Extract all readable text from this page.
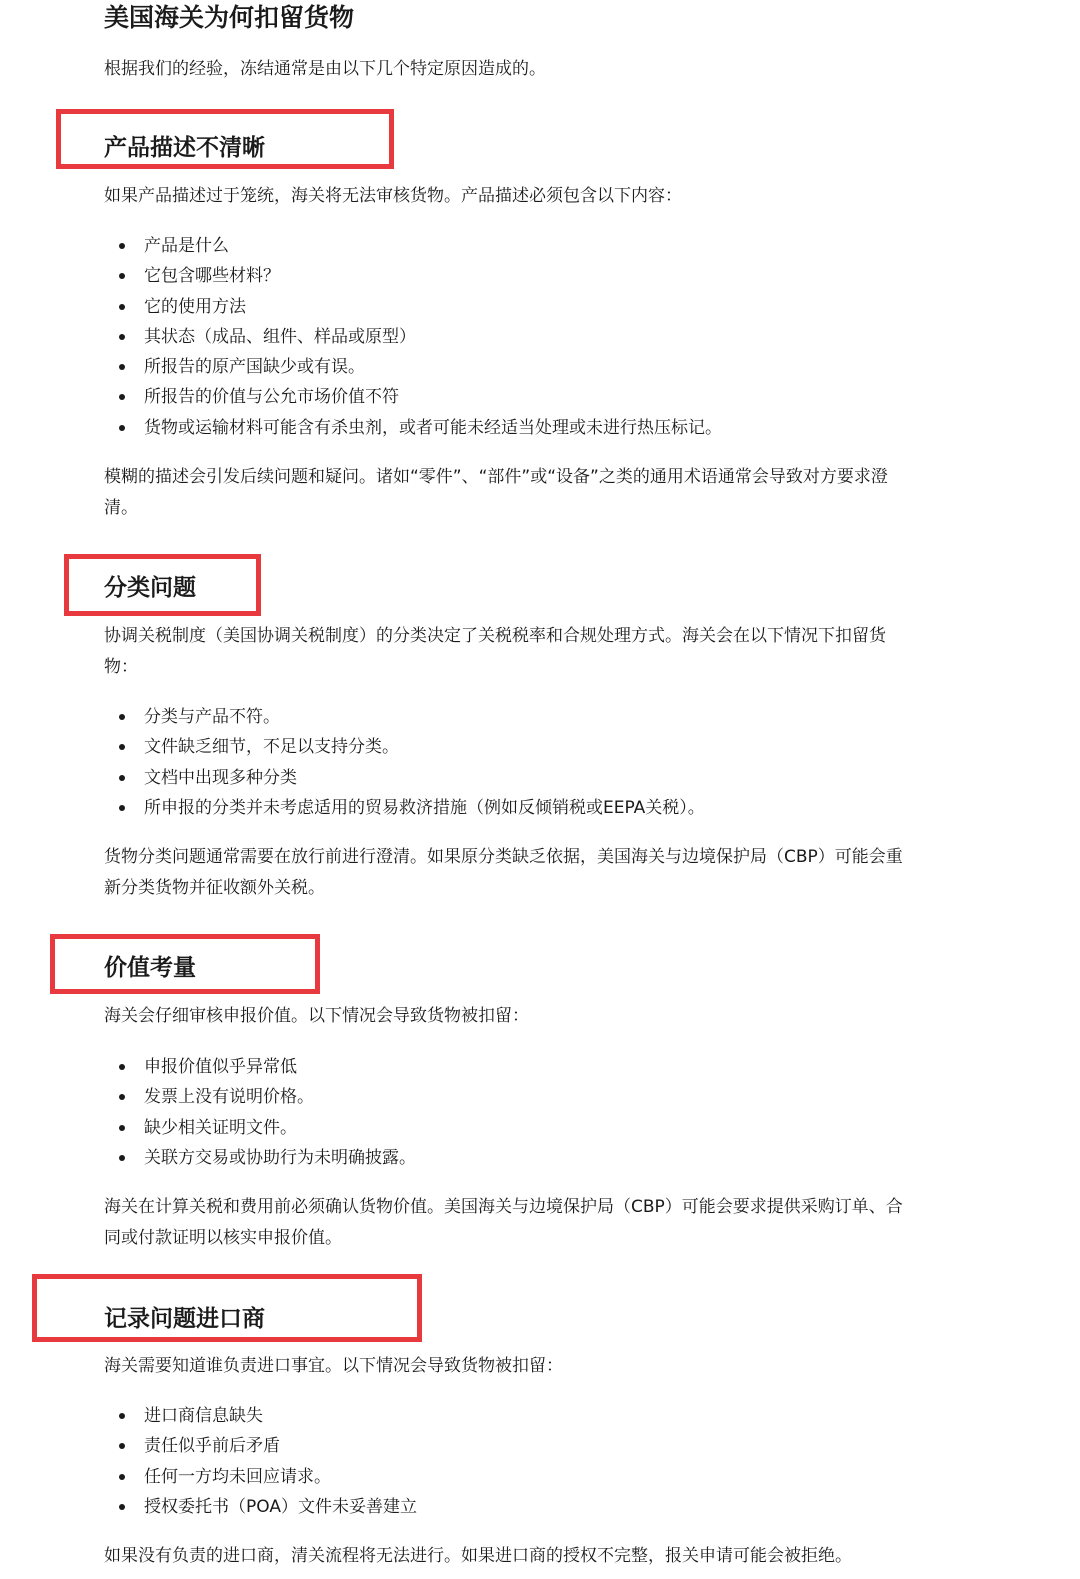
美国海关为何扣留货物
根据我们的经验，冻结通常是由以下几个特定原因造成的。
产品描述不清晰
如果产品描述过于笼统，海关将无法审核货物。产品描述必须包含以下内容：
产品是什么
它包含哪些材料？
它的使用方法
其状态（成品、组件、样品或原型）
所报告的原产国缺少或有误。
所报告的价值与公允市场价值不符
货物或运输材料可能含有杀虫剂，或者可能未经适当处理或未进行热压标记。
模糊的描述会引发后续问题和疑问。诸如“零件”、“部件”或“设备”之类的通用术语通常会导致对方要求澄清。
分类问题
协调关税制度（美国协调关税制度）的分类决定了关税税率和合规处理方式。海关会在以下情况下扣留货物：
分类与产品不符。
文件缺乏细节，不足以支持分类。
文档中出现多种分类
所申报的分类并未考虑适用的贸易救济措施（例如反倾销税或EEPA关税）。
货物分类问题通常需要在放行前进行澄清。如果原分类缺乏依据，美国海关与边境保护局（CBP）可能会重新分类货物并征收额外关税。
价值考量
海关会仔细审核申报价值。以下情况会导致货物被扣留：
申报价值似乎异常低
发票上没有说明价格。
缺少相关证明文件。
关联方交易或协助行为未明确披露。
海关在计算关税和费用前必须确认货物价值。美国海关与边境保护局（CBP）可能会要求提供采购订单、合同或付款证明以核实申报价值。
记录问题进口商
海关需要知道谁负责进口事宜。以下情况会导致货物被扣留：
进口商信息缺失
责任似乎前后矛盾
任何一方均未回应请求。
授权委托书（POA）文件未妥善建立
如果没有负责的进口商，清关流程将无法进行。如果进口商的授权不完整，报关申请可能会被拒绝。
